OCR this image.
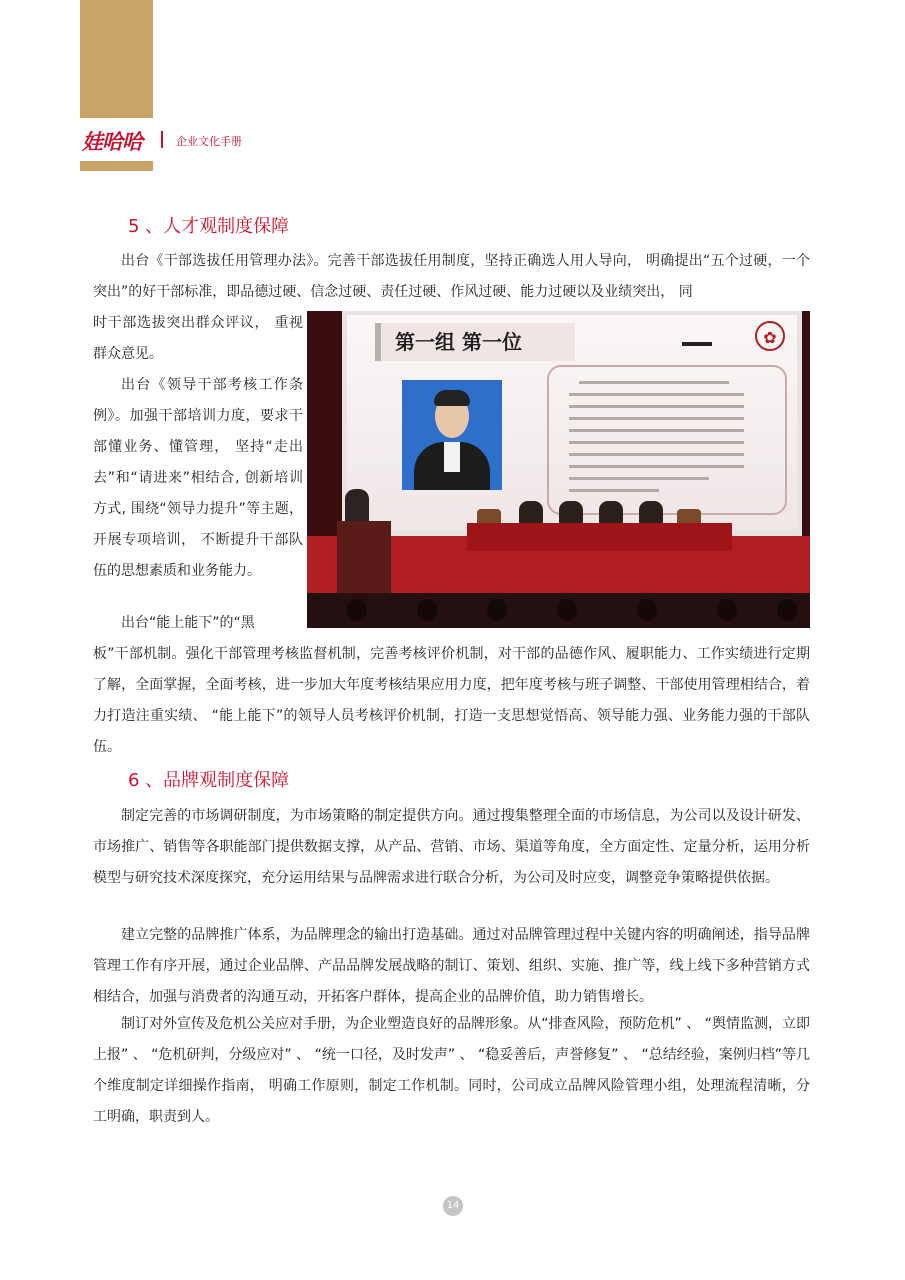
娃哈哈	企业文化手册
5 、人才观制度保障

出台《干部选拔任用管理办法》。完善干部选拔任用制度，坚持正确选人用人导向， 明确提出“五个过硬，一个突出”的好干部标准，即品德过硬、信念过硬、责任过硬、作风过硬、能力过硬以及业绩突出， 同

时干部选拔突出群众评议， 重视群众意见。

出台《领导干部考核工作条例》。加强干部培训力度，要求干部懂业务、懂管理， 坚持“走出去”和“请进来”相结合, 创新培训方式, 围绕“领导力提升”等主题， 开展专项培训， 不断提升干部队伍的思想素质和业务能力。

出台“能上能下”的“黑

板”干部机制。强化干部管理考核监督机制，完善考核评价机制，对干部的品德作风、履职能力、工作实绩进行定期了解，全面掌握，全面考核，进一步加大年度考核结果应用力度，把年度考核与班子调整、干部使用管理相结合，着力打造注重实绩、 “能上能下”的领导人员考核评价机制，打造一支思想觉悟高、领导能力强、业务能力强的干部队伍。

第一组 第一位	✿
6 、品牌观制度保障

制定完善的市场调研制度，为市场策略的制定提供方向。通过搜集整理全面的市场信息，为公司以及设计研发、市场推广、销售等各职能部门提供数据支撑，从产品、营销、市场、渠道等角度，全方面定性、定量分析，运用分析模型与研究技术深度探究，充分运用结果与品牌需求进行联合分析，为公司及时应变，调整竞争策略提供依据。

建立完整的品牌推广体系，为品牌理念的输出打造基础。通过对品牌管理过程中关键内容的明确阐述，指导品牌管理工作有序开展，通过企业品牌、产品品牌发展战略的制订、策划、组织、实施、推广等，线上线下多种营销方式相结合，加强与消费者的沟通互动，开拓客户群体，提高企业的品牌价值，助力销售增长。

制订对外宣传及危机公关应对手册，为企业塑造良好的品牌形象。从“排查风险，预防危机” 、 “舆情监测，立即上报” 、 “危机研判，分级应对” 、 “统一口径，及时发声” 、 “稳妥善后，声誉修复” 、 “总结经验，案例归档”等几个维度制定详细操作指南， 明确工作原则，制定工作机制。同时，公司成立品牌风险管理小组，处理流程清晰，分工明确，职责到人。

14
